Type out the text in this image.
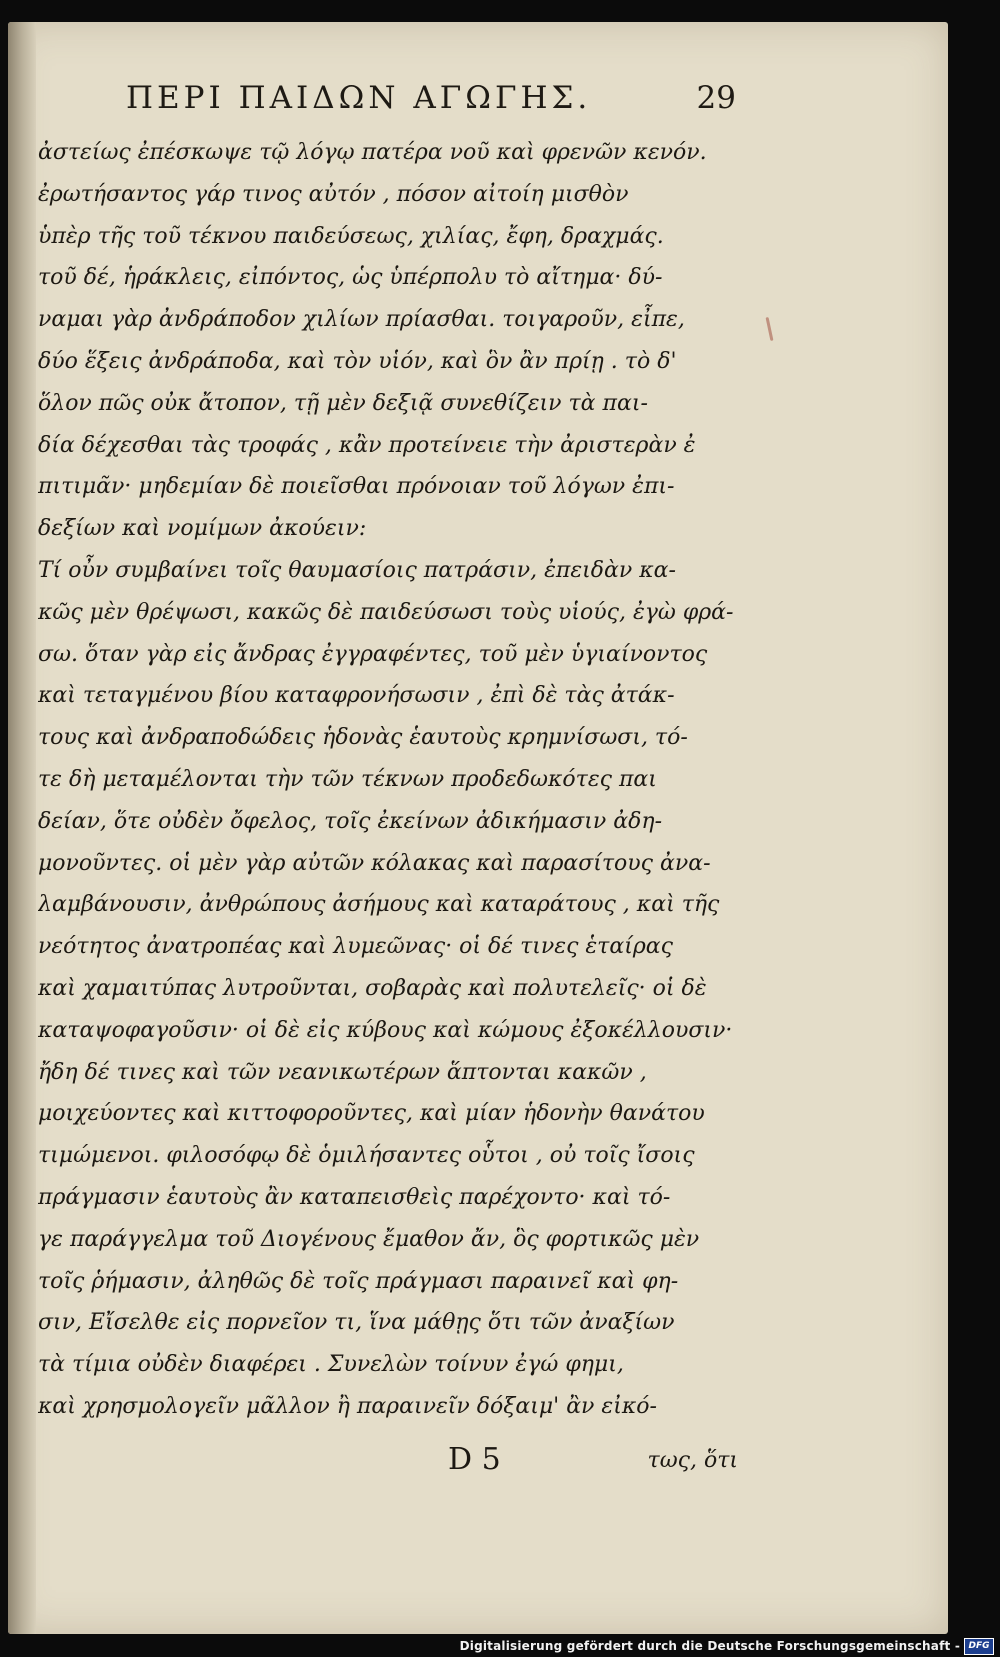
ΠΕΡΙ ΠΑΙΔΩΝ ΑΓΩΓΗΣ.	29
ἀστείως ἐπέσκωψε τῷ λόγῳ πατέρα νοῦ καὶ φρενῶν κενόν.
ἐρωτήσαντος γάρ τινος αὐτόν , πόσον αἰτοίη μισθὸν
ὑπὲρ τῆς τοῦ τέκνου παιδεύσεως, χιλίας, ἔφη, δραχμάς.
τοῦ δέ, ἡράκλεις, εἰπόντος, ὡς ὑπέρπολυ τὸ αἴτημα· δύ-
ναμαι γὰρ ἀνδράποδον χιλίων πρίασθαι. τοιγαροῦν, εἶπε,
δύο ἕξεις ἀνδράποδα, καὶ τὸν υἱόν, καὶ ὃν ἂν πρίῃ . τὸ δ'
ὅλον πῶς οὐκ ἄτοπον, τῇ μὲν δεξιᾷ συνεθίζειν τὰ παι-
δία δέχεσθαι τὰς τροφάς , κἂν προτείνειε τὴν ἀριστερὰν ἐ
πιτιμᾶν· μηδεμίαν δὲ ποιεῖσθαι πρόνοιαν τοῦ λόγων ἐπι-
δεξίων καὶ νομίμων ἀκούειν:
Τί οὖν συμβαίνει τοῖς θαυμασίοις πατράσιν, ἐπειδὰν κα-
κῶς μὲν θρέψωσι, κακῶς δὲ παιδεύσωσι τοὺς υἱούς, ἐγὼ φρά-
σω. ὅταν γὰρ εἰς ἄνδρας ἐγγραφέντες, τοῦ μὲν ὑγιαίνοντος
καὶ τεταγμένου βίου καταφρονήσωσιν , ἐπὶ δὲ τὰς ἀτάκ-
τους καὶ ἀνδραποδώδεις ἡδονὰς ἑαυτοὺς κρημνίσωσι, τό-
τε δὴ μεταμέλονται τὴν τῶν τέκνων προδεδωκότες παι
δείαν, ὅτε οὐδὲν ὄφελος, τοῖς ἐκείνων ἀδικήμασιν ἀδη-
μονοῦντες. οἱ μὲν γὰρ αὐτῶν κόλακας καὶ παρασίτους ἀνα-
λαμβάνουσιν, ἀνθρώπους ἀσήμους καὶ καταράτους , καὶ τῆς
νεότητος ἀνατροπέας καὶ λυμεῶνας· οἱ δέ τινες ἑταίρας
καὶ χαμαιτύπας λυτροῦνται, σοβαρὰς καὶ πολυτελεῖς· οἱ δὲ
καταψοφαγοῦσιν· οἱ δὲ εἰς κύβους καὶ κώμους ἐξοκέλλουσιν·
ἤδη δέ τινες καὶ τῶν νεανικωτέρων ἅπτονται κακῶν ,
μοιχεύοντες καὶ κιττοφοροῦντες, καὶ μίαν ἡδονὴν θανάτου
τιμώμενοι. φιλοσόφῳ δὲ ὁμιλήσαντες οὗτοι , οὐ τοῖς ἴσοις
πράγμασιν ἑαυτοὺς ἂν καταπεισθεὶς παρέχοντο· καὶ τό-
γε παράγγελμα τοῦ Διογένους ἔμαθον ἄν, ὃς φορτικῶς μὲν
τοῖς ῥήμασιν, ἀληθῶς δὲ τοῖς πράγμασι παραινεῖ καὶ φη-
σιν, Εἴσελθε εἰς πορνεῖον τι, ἵνα μάθῃς ὅτι τῶν ἀναξίων
τὰ τίμια οὐδὲν διαφέρει . Συνελὼν τοίνυν ἐγώ φημι,
καὶ χρησμολογεῖν μᾶλλον ἢ παραινεῖν δόξαιμ' ἂν εἰκό-
D 5	τως, ὅτι
Digitalisierung gefördert durch die Deutsche Forschungsgemeinschaft - DFG
